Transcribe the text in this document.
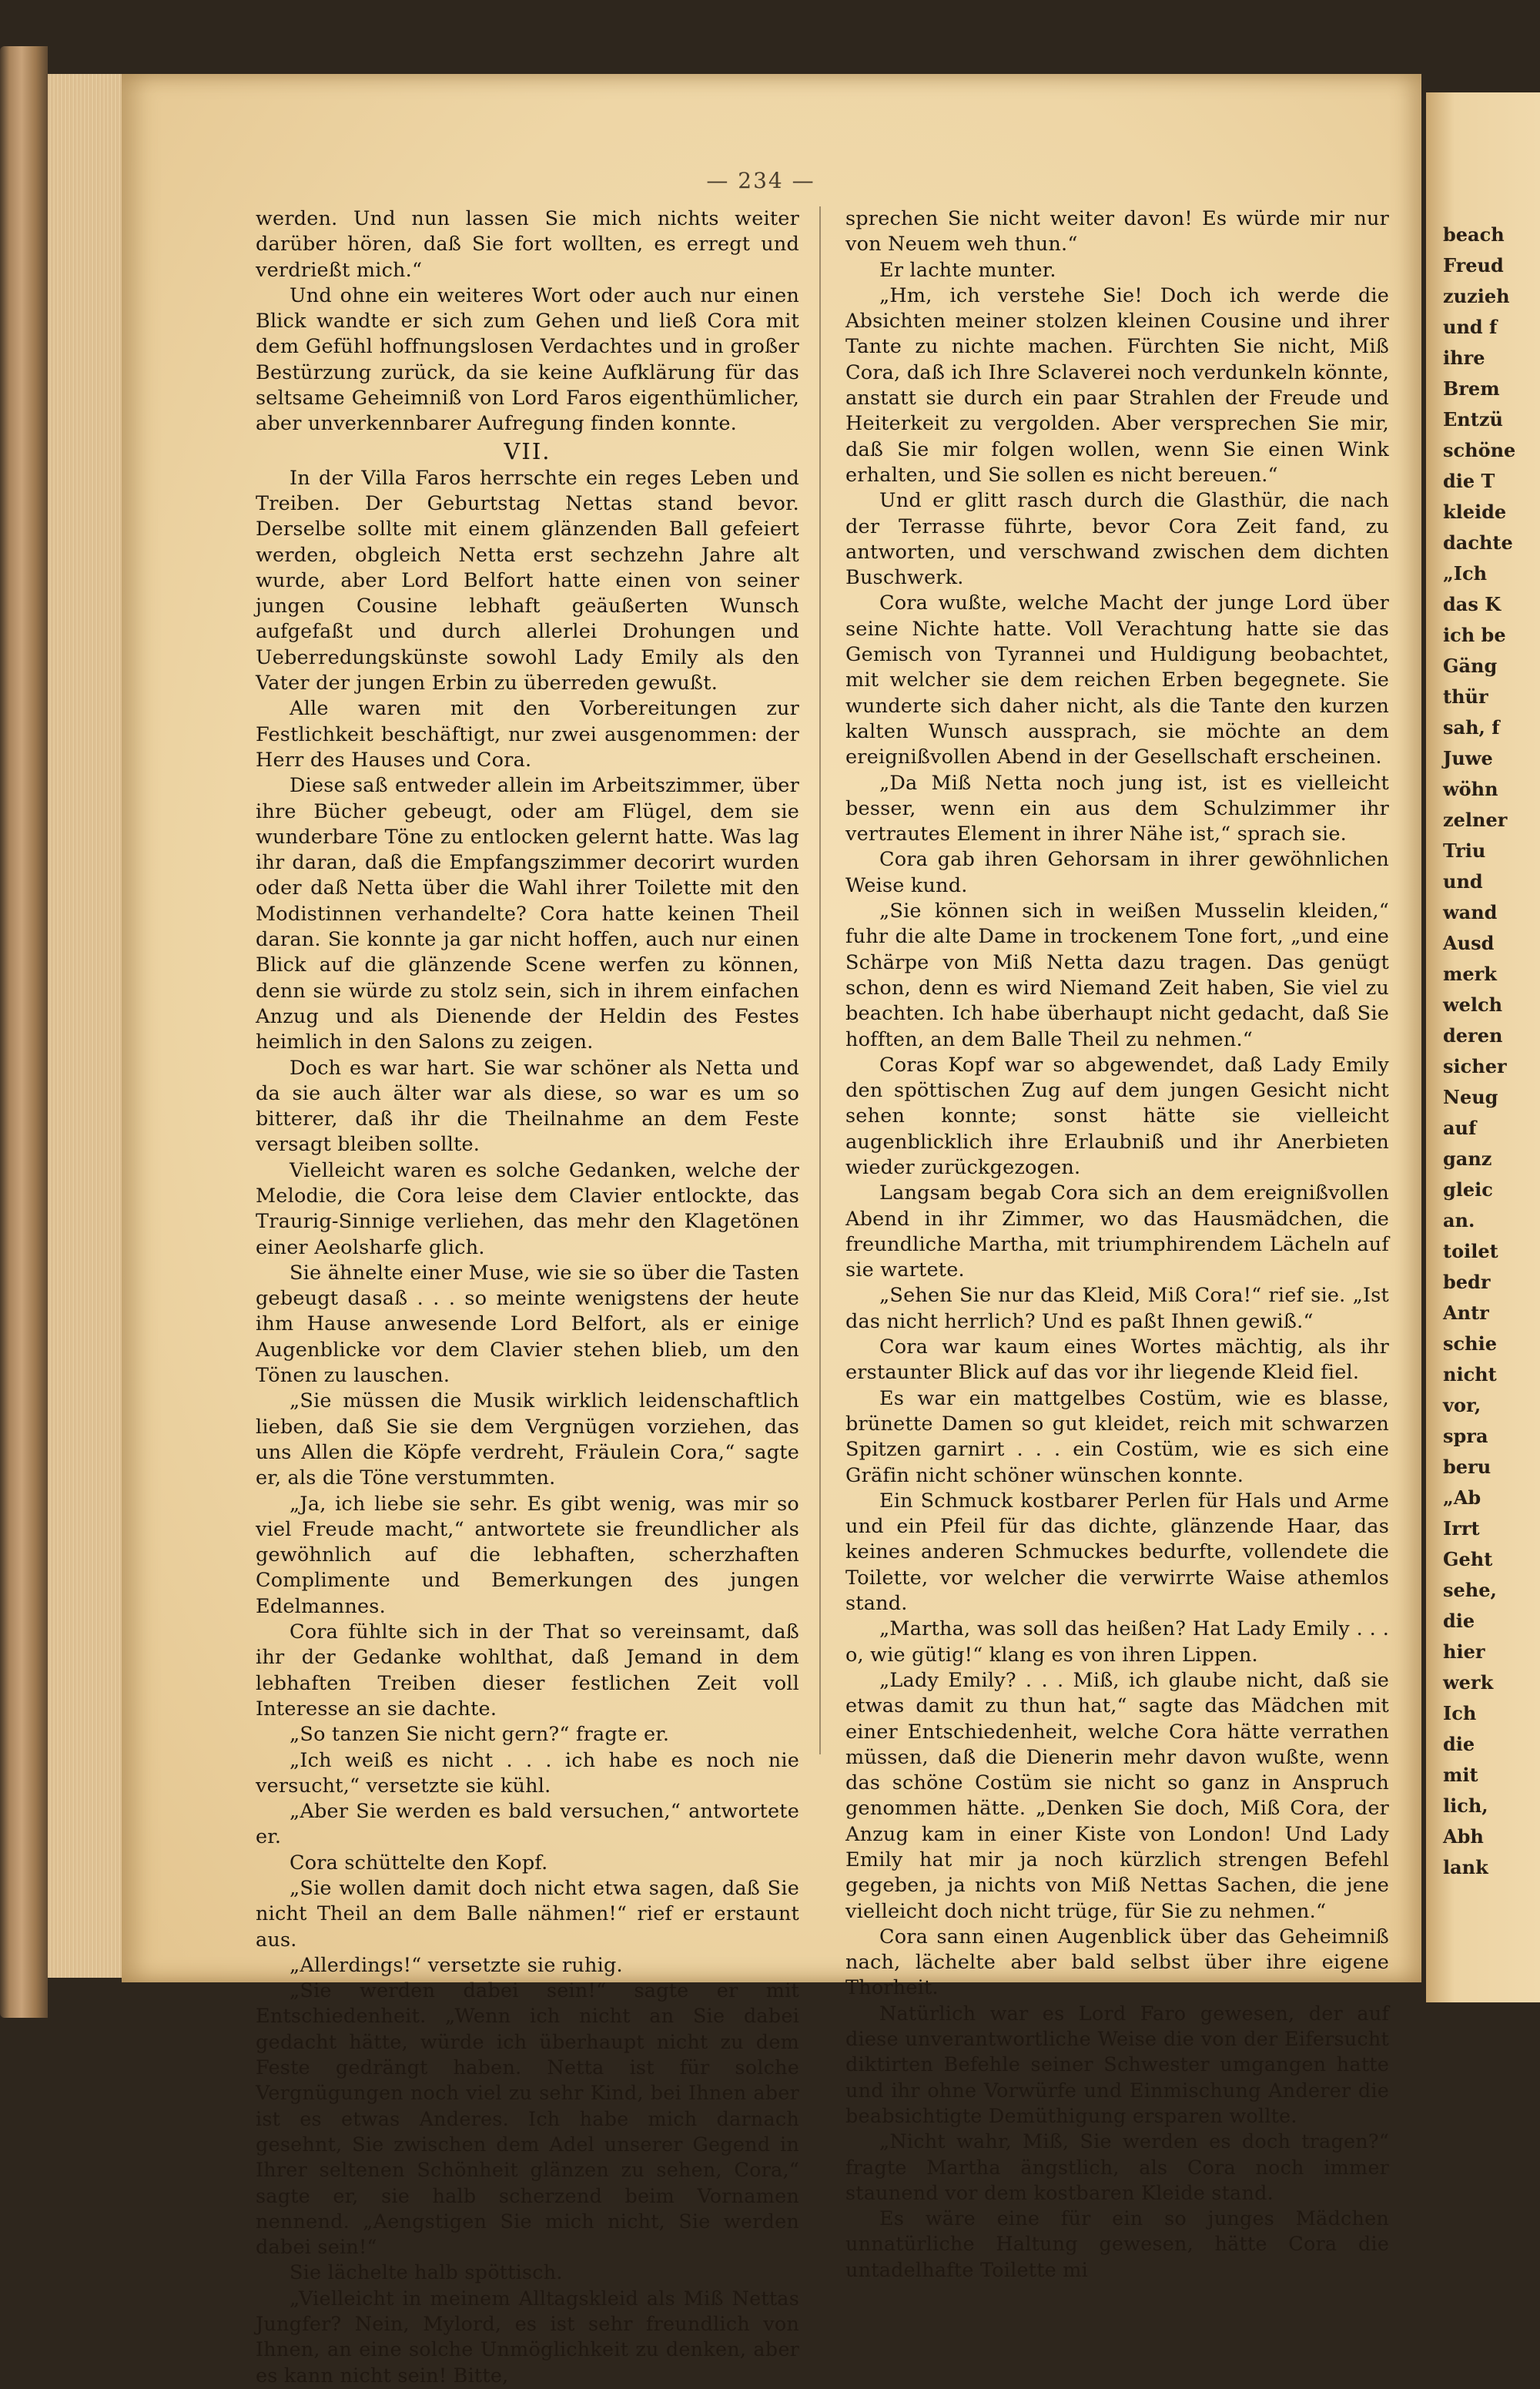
beach
Freud
zuzieh
und f
ihre
Brem
Entzü
schöne
die T
kleide
dachte
„Ich
das K
ich be
Gäng
thür
sah, f
Juwe
wöhn
zelner
Triu
und
wand
Ausd
merk
welch
deren
sicher
Neug
auf
ganz
gleic
an.
toilet
bedr
Antr
schie
nicht
vor,
spra
beru
„Ab
Irrt
Geht
sehe,
die
hier
werk
Ich
die
mit
lich,
Abh
lank
— 234 —

werden. Und nun lassen Sie mich nichts weiter darüber hören, daß Sie fort wollten, es erregt und verdrießt mich.“

Und ohne ein weiteres Wort oder auch nur einen Blick wandte er sich zum Gehen und ließ Cora mit dem Gefühl hoffnungslosen Verdachtes und in großer Bestürzung zurück, da sie keine Aufklärung für das seltsame Geheimniß von Lord Faros eigenthümlicher, aber unverkennbarer Aufregung finden konnte.

VII.

In der Villa Faros herrschte ein reges Leben und Treiben. Der Geburtstag Nettas stand bevor. Derselbe sollte mit einem glänzenden Ball gefeiert werden, obgleich Netta erst sechzehn Jahre alt wurde, aber Lord Belfort hatte einen von seiner jungen Cousine lebhaft geäußerten Wunsch aufgefaßt und durch allerlei Drohungen und Ueberredungskünste sowohl Lady Emily als den Vater der jungen Erbin zu überreden gewußt.

Alle waren mit den Vorbereitungen zur Festlichkeit beschäftigt, nur zwei ausgenommen: der Herr des Hauses und Cora.

Diese saß entweder allein im Arbeitszimmer, über ihre Bücher gebeugt, oder am Flügel, dem sie wunderbare Töne zu entlocken gelernt hatte. Was lag ihr daran, daß die Empfangszimmer decorirt wurden oder daß Netta über die Wahl ihrer Toilette mit den Modistinnen verhandelte? Cora hatte keinen Theil daran. Sie konnte ja gar nicht hoffen, auch nur einen Blick auf die glänzende Scene werfen zu können, denn sie würde zu stolz sein, sich in ihrem einfachen Anzug und als Dienende der Heldin des Festes heimlich in den Salons zu zeigen.

Doch es war hart. Sie war schöner als Netta und da sie auch älter war als diese, so war es um so bitterer, daß ihr die Theilnahme an dem Feste versagt bleiben sollte.

Vielleicht waren es solche Gedanken, welche der Melodie, die Cora leise dem Clavier entlockte, das Traurig-Sinnige verliehen, das mehr den Klagetönen einer Aeolsharfe glich.

Sie ähnelte einer Muse, wie sie so über die Tasten gebeugt dasaß . . . so meinte wenigstens der heute ihm Hause anwesende Lord Belfort, als er einige Augenblicke vor dem Clavier stehen blieb, um den Tönen zu lauschen.

„Sie müssen die Musik wirklich leidenschaftlich lieben, daß Sie sie dem Vergnügen vorziehen, das uns Allen die Köpfe verdreht, Fräulein Cora,“ sagte er, als die Töne verstummten.

„Ja, ich liebe sie sehr. Es gibt wenig, was mir so viel Freude macht,“ antwortete sie freundlicher als gewöhnlich auf die lebhaften, scherzhaften Complimente und Bemerkungen des jungen Edelmannes.

Cora fühlte sich in der That so vereinsamt, daß ihr der Gedanke wohlthat, daß Jemand in dem lebhaften Treiben dieser festlichen Zeit voll Interesse an sie dachte.

„So tanzen Sie nicht gern?“ fragte er.

„Ich weiß es nicht . . . ich habe es noch nie versucht,“ versetzte sie kühl.

„Aber Sie werden es bald versuchen,“ antwortete er.

Cora schüttelte den Kopf.

„Sie wollen damit doch nicht etwa sagen, daß Sie nicht Theil an dem Balle nähmen!“ rief er erstaunt aus.

„Allerdings!“ versetzte sie ruhig.

„Sie werden dabei sein!“ sagte er mit Entschiedenheit. „Wenn ich nicht an Sie dabei gedacht hätte, würde ich überhaupt nicht zu dem Feste gedrängt haben. Netta ist für solche Vergnügungen noch viel zu sehr Kind, bei Ihnen aber ist es etwas Anderes. Ich habe mich darnach gesehnt, Sie zwischen dem Adel unserer Gegend in Ihrer seltenen Schönheit glänzen zu sehen, Cora,“ sagte er, sie halb scherzend beim Vornamen nennend. „Aengstigen Sie mich nicht, Sie werden dabei sein!“

Sie lächelte halb spöttisch.

„Vielleicht in meinem Alltagskleid als Miß Nettas Jungfer? Nein, Mylord, es ist sehr freundlich von Ihnen, an eine solche Unmöglichkeit zu denken, aber es kann nicht sein! Bitte,

sprechen Sie nicht weiter davon! Es würde mir nur von Neuem weh thun.“

Er lachte munter.

„Hm, ich verstehe Sie! Doch ich werde die Absichten meiner stolzen kleinen Cousine und ihrer Tante zu nichte machen. Fürchten Sie nicht, Miß Cora, daß ich Ihre Sclaverei noch verdunkeln könnte, anstatt sie durch ein paar Strahlen der Freude und Heiterkeit zu vergolden. Aber versprechen Sie mir, daß Sie mir folgen wollen, wenn Sie einen Wink erhalten, und Sie sollen es nicht bereuen.“

Und er glitt rasch durch die Glasthür, die nach der Terrasse führte, bevor Cora Zeit fand, zu antworten, und verschwand zwischen dem dichten Buschwerk.

Cora wußte, welche Macht der junge Lord über seine Nichte hatte. Voll Verachtung hatte sie das Gemisch von Tyrannei und Huldigung beobachtet, mit welcher sie dem reichen Erben begegnete. Sie wunderte sich daher nicht, als die Tante den kurzen kalten Wunsch aussprach, sie möchte an dem ereignißvollen Abend in der Gesellschaft erscheinen.

„Da Miß Netta noch jung ist, ist es vielleicht besser, wenn ein aus dem Schulzimmer ihr vertrautes Element in ihrer Nähe ist,“ sprach sie.

Cora gab ihren Gehorsam in ihrer gewöhnlichen Weise kund.

„Sie können sich in weißen Musselin kleiden,“ fuhr die alte Dame in trockenem Tone fort, „und eine Schärpe von Miß Netta dazu tragen. Das genügt schon, denn es wird Niemand Zeit haben, Sie viel zu beachten. Ich habe überhaupt nicht gedacht, daß Sie hofften, an dem Balle Theil zu nehmen.“

Coras Kopf war so abgewendet, daß Lady Emily den spöttischen Zug auf dem jungen Gesicht nicht sehen konnte; sonst hätte sie vielleicht augenblicklich ihre Erlaubniß und ihr Anerbieten wieder zurückgezogen.

Langsam begab Cora sich an dem ereignißvollen Abend in ihr Zimmer, wo das Hausmädchen, die freundliche Martha, mit triumphirendem Lächeln auf sie wartete.

„Sehen Sie nur das Kleid, Miß Cora!“ rief sie. „Ist das nicht herrlich? Und es paßt Ihnen gewiß.“

Cora war kaum eines Wortes mächtig, als ihr erstaunter Blick auf das vor ihr liegende Kleid fiel.

Es war ein mattgelbes Costüm, wie es blasse, brünette Damen so gut kleidet, reich mit schwarzen Spitzen garnirt . . . ein Costüm, wie es sich eine Gräfin nicht schöner wünschen konnte.

Ein Schmuck kostbarer Perlen für Hals und Arme und ein Pfeil für das dichte, glänzende Haar, das keines anderen Schmuckes bedurfte, vollendete die Toilette, vor welcher die verwirrte Waise athemlos stand.

„Martha, was soll das heißen? Hat Lady Emily . . . o, wie gütig!“ klang es von ihren Lippen.

„Lady Emily? . . . Miß, ich glaube nicht, daß sie etwas damit zu thun hat,“ sagte das Mädchen mit einer Entschiedenheit, welche Cora hätte verrathen müssen, daß die Dienerin mehr davon wußte, wenn das schöne Costüm sie nicht so ganz in Anspruch genommen hätte. „Denken Sie doch, Miß Cora, der Anzug kam in einer Kiste von London! Und Lady Emily hat mir ja noch kürzlich strengen Befehl gegeben, ja nichts von Miß Nettas Sachen, die jene vielleicht doch nicht trüge, für Sie zu nehmen.“

Cora sann einen Augenblick über das Geheimniß nach, lächelte aber bald selbst über ihre eigene Thorheit.

Natürlich war es Lord Faro gewesen, der auf diese unverantwortliche Weise die von der Eifersucht diktirten Befehle seiner Schwester umgangen hatte und ihr ohne Vorwürfe und Einmischung Anderer die beabsichtigte Demüthigung ersparen wollte.

„Nicht wahr, Miß, Sie werden es doch tragen?“ fragte Martha ängstlich, als Cora noch immer staunend vor dem kostbaren Kleide stand.

Es wäre eine für ein so junges Mädchen unnatürliche Haltung gewesen, hätte Cora die untadelhafte Toilette mi
